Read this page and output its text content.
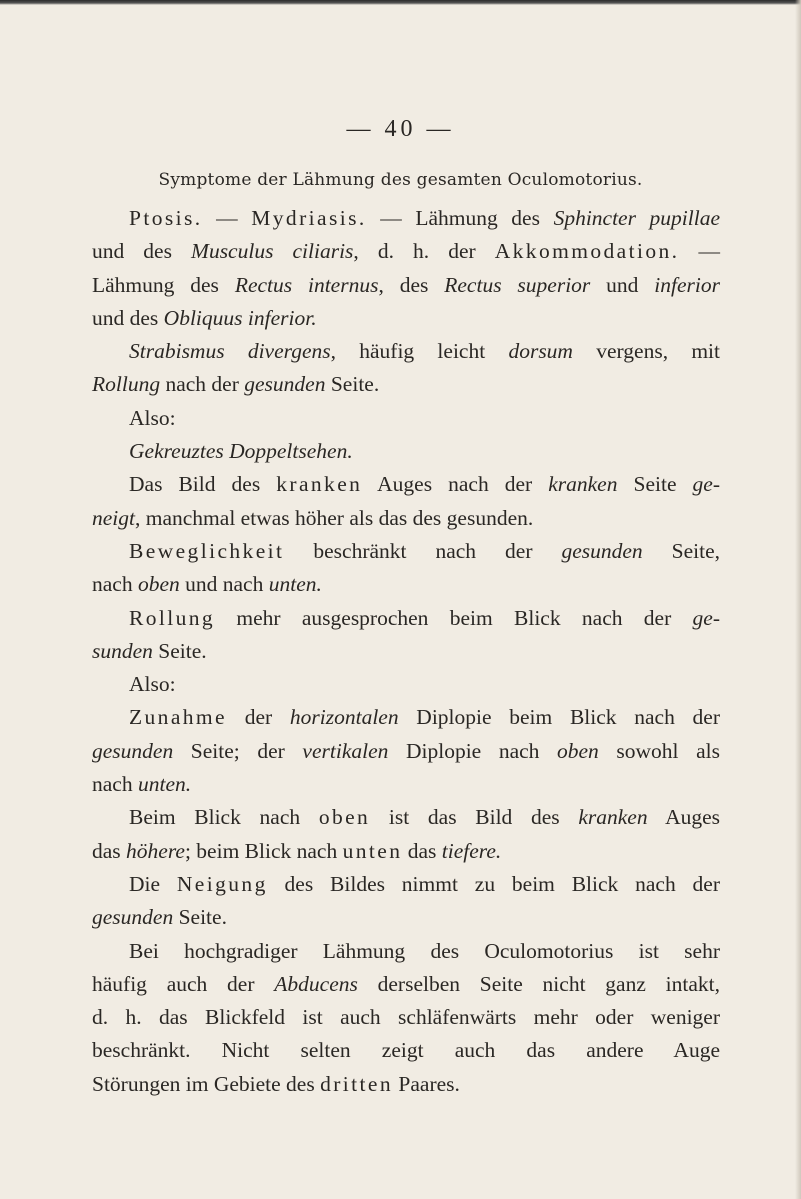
— 40 —
Symptome der Lähmung des gesamten Oculomotorius.
Ptosis. — Mydriasis. — Lähmung des Sphincter pupillae
und des Musculus ciliaris, d. h. der Akkommodation. —
Lähmung des Rectus internus, des Rectus superior und inferior
und des Obliquus inferior.
Strabismus divergens, häufig leicht dorsum vergens, mit
Rollung nach der gesunden Seite.
Also:
Gekreuztes Doppeltsehen.
Das Bild des kranken Auges nach der kranken Seite ge-
neigt, manchmal etwas höher als das des gesunden.
Beweglichkeit beschränkt nach der gesunden Seite,
nach oben und nach unten.
Rollung mehr ausgesprochen beim Blick nach der ge-
sunden Seite.
Also:
Zunahme der horizontalen Diplopie beim Blick nach der
gesunden Seite; der vertikalen Diplopie nach oben sowohl als
nach unten.
Beim Blick nach oben ist das Bild des kranken Auges
das höhere; beim Blick nach unten das tiefere.
Die Neigung des Bildes nimmt zu beim Blick nach der
gesunden Seite.
Bei hochgradiger Lähmung des Oculomotorius ist sehr
häufig auch der Abducens derselben Seite nicht ganz intakt,
d. h. das Blickfeld ist auch schläfenwärts mehr oder weniger
beschränkt. Nicht selten zeigt auch das andere Auge
Störungen im Gebiete des dritten Paares.
